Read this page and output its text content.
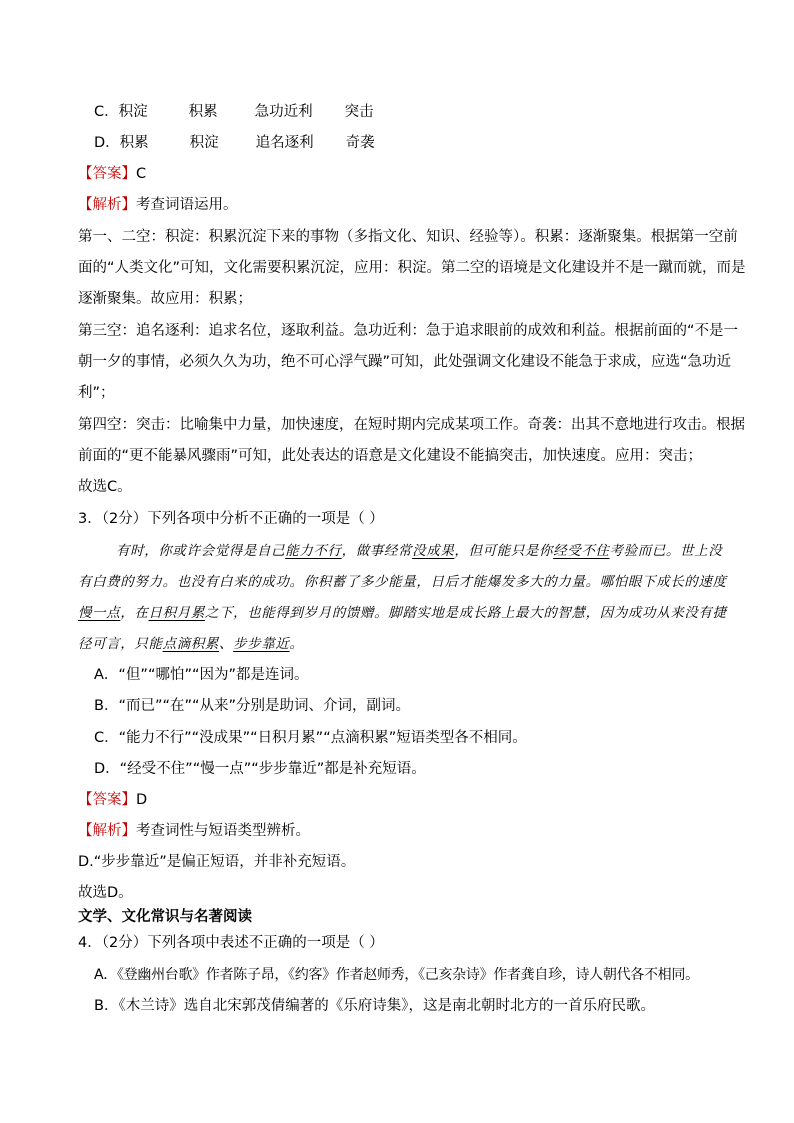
C．积淀	积累	急功近利 突击
D．积累	积淀	追名逐利 奇袭
【答案】C
【解析】考查词语运用。
第一、二空：积淀：积累沉淀下来的事物（多指文化、知识、经验等）。积累：逐渐聚集。根据第一空前
面的“人类文化”可知，文化需要积累沉淀，应用：积淀。第二空的语境是文化建设并不是一蹴而就，而是
逐渐聚集。故应用：积累；
第三空：追名逐利：追求名位，逐取利益。急功近利：急于追求眼前的成效和利益。根据前面的“不是一
朝一夕的事情，必须久久为功，绝不可心浮气躁”可知，此处强调文化建设不能急于求成，应选“急功近
利”；
第四空：突击：比喻集中力量，加快速度，在短时期内完成某项工作。奇袭：出其不意地进行攻击。根据
前面的“更不能暴风骤雨”可知，此处表达的语意是文化建设不能搞突击，加快速度。应用：突击；
故选C。
3．（2分）下列各项中分析不正确的一项是（ ）
有时，你或许会觉得是自己能力不行，做事经常没成果，但可能只是你经受不住考验而已。世上没
有白费的努力。也没有白来的成功。你积蓄了多少能量，日后才能爆发多大的力量。哪怕眼下成长的速度
慢一点，在日积月累之下，也能得到岁月的馈赠。脚踏实地是成长路上最大的智慧，因为成功从来没有捷
径可言，只能点滴积累、步步靠近。
A．“但”“哪怕”“因为”都是连词。
B．“而已”“在”“从来”分别是助词、介词，副词。
C．“能力不行”“没成果”“日积月累”“点滴积累”短语类型各不相同。
D．“经受不住”“慢一点”“步步靠近”都是补充短语。
【答案】D
【解析】考查词性与短语类型辨析。
D.“步步靠近”是偏正短语，并非补充短语。
故选D。
文学、文化常识与名著阅读
4．（2分）下列各项中表述不正确的一项是（ ）
A．《登幽州台歌》作者陈子昂，《约客》作者赵师秀，《己亥杂诗》作者龚自珍，诗人朝代各不相同。
B．《木兰诗》选自北宋郭茂倩编著的《乐府诗集》，这是南北朝时北方的一首乐府民歌。
